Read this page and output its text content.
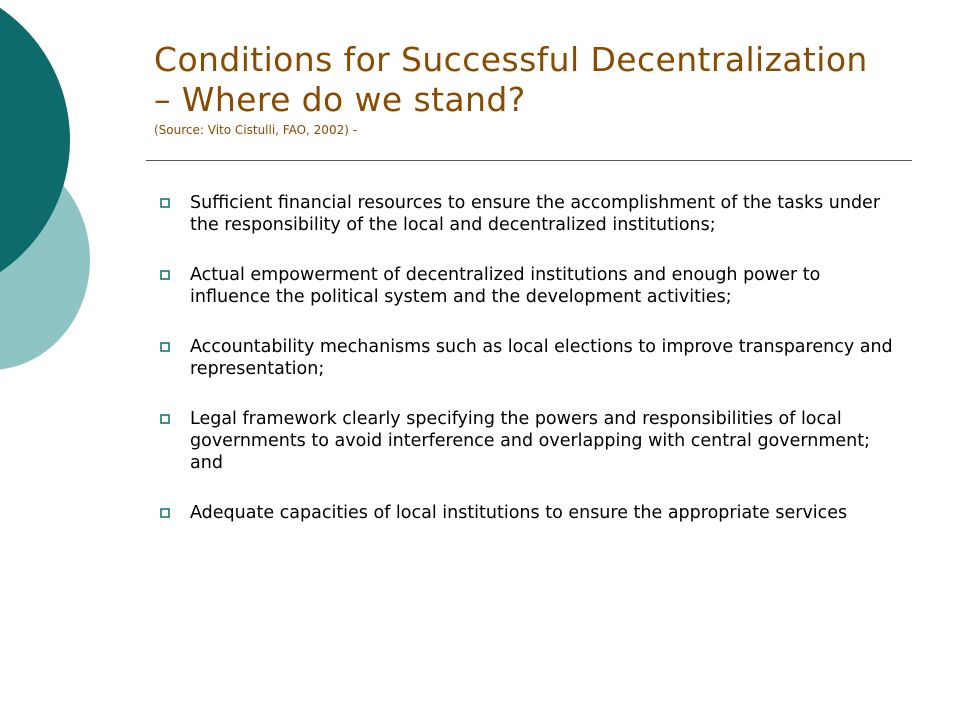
Conditions for Successful Decentralization
– Where do we stand?
(Source: Vito Cistulli, FAO, 2002) -
Sufficient financial resources to ensure the accomplishment of the tasks under the responsibility of the local and decentralized institutions;
Actual empowerment of decentralized institutions and enough power to influence the political system and the development activities;
Accountability mechanisms such as local elections to improve transparency and representation;
Legal framework clearly specifying the powers and responsibilities of local governments to avoid interference and overlapping with central government; and
Adequate capacities of local institutions to ensure the appropriate services
